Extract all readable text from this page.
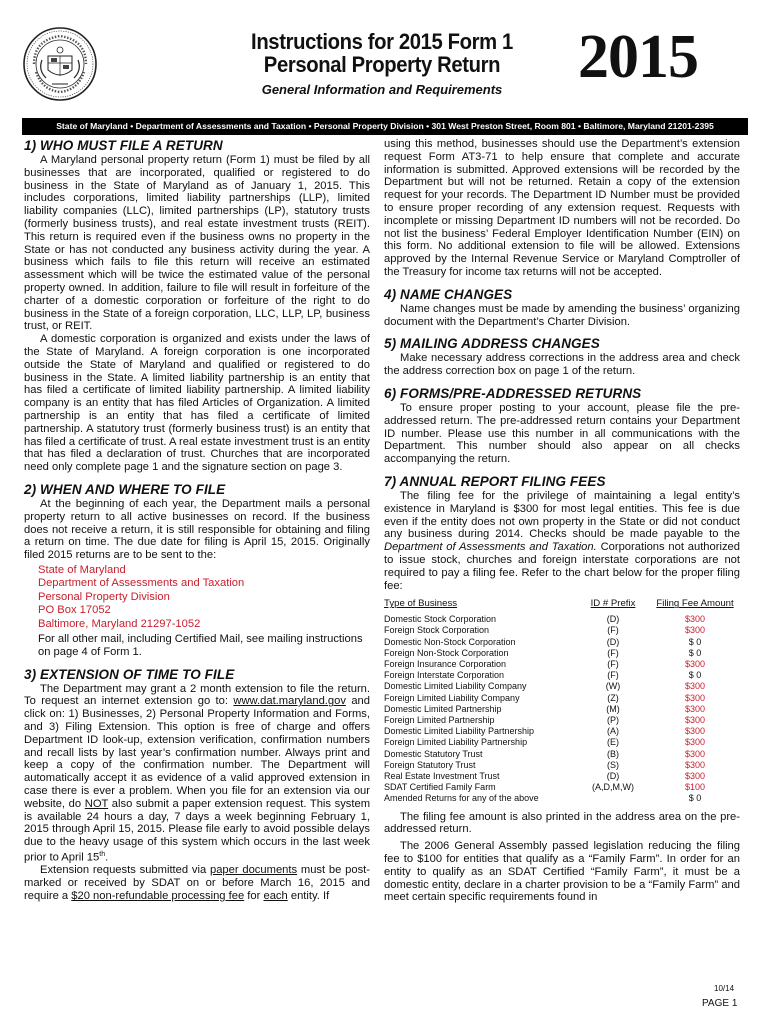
Instructions for 2015 Form 1
Personal Property Return
General Information and Requirements	2015
State of Maryland • Department of Assessments and Taxation • Personal Property Division • 301 West Preston Street, Room 801 • Baltimore, Maryland 21201-2395
1) WHO MUST FILE A RETURN

A Maryland personal property return (Form 1) must be filed by all businesses that are incorporated, qualified or registered to do business in the State of Maryland as of January 1, 2015. This includes corporations, limited liability partnerships (LLP), limited liability companies (LLC), limited partnerships (LP), statutory trusts (formerly business trusts), and real estate investment trusts (REIT). This return is required even if the business owns no property in the State or has not conducted any business activity during the year. A business which fails to file this return will receive an estimated assessment which will be twice the estimated value of the personal property owned. In addition, failure to file will result in forfeiture of the charter of a domestic corporation or forfeiture of the right to do business in the State of a foreign corporation, LLC, LLP, LP, business trust, or REIT.

A domestic corporation is organized and exists under the laws of the State of Maryland. A foreign corporation is one incorporated outside the State of Maryland and qualified or registered to do business in the State. A limited liability partnership is an entity that has filed a certificate of limited liability partnership. A limited liability company is an entity that has filed Articles of Organization. A limited partnership is an entity that has filed a certificate of limited partnership. A statutory trust (formerly business trust) is an entity that has filed a certificate of trust. A real estate investment trust is an entity that has filed a declaration of trust. Churches that are incorporated need only complete page 1 and the signature section on page 3.

2) WHEN AND WHERE TO FILE

At the beginning of each year, the Department mails a personal property return to all active businesses on record. If the business does not receive a return, it is still responsible for obtaining and filing a return on time. The due date for filing is April 15, 2015. Originally filed 2015 returns are to be sent to the:

State of Maryland
Department of Assessments and Taxation
Personal Property Division
PO Box 17052
Baltimore, Maryland 21297-1052

For all other mail, including Certified Mail, see mailing instructions on page 4 of Form 1.

3) EXTENSION OF TIME TO FILE

The Department may grant a 2 month extension to file the return. To request an internet extension go to: www.dat.maryland.gov and click on: 1) Businesses, 2) Personal Property Information and Forms, and 3) Filing Extension. This option is free of charge and offers Department ID look-up, extension verification, confirmation numbers and recall lists by last year’s confirmation number. Always print and keep a copy of the confirmation number. The Department will automatically accept it as evidence of a valid approved extension in case there is ever a problem. When you file for an extension via our website, do NOT also submit a paper extension request. This system is available 24 hours a day, 7 days a week beginning February 1, 2015 through April 15, 2015. Please file early to avoid possible delays due to the heavy usage of this system which occurs in the last week prior to April 15th.

Extension requests submitted via paper documents must be post-marked or received by SDAT on or before March 16, 2015 and require a $20 non-refundable processing fee for each entity. If

using this method, businesses should use the Department’s extension request Form AT3-71 to help ensure that complete and accurate information is submitted. Approved extensions will be recorded by the Department but will not be returned. Retain a copy of the extension request for your records. The Department ID Number must be provided to ensure proper recording of any extension request. Requests with incomplete or missing Department ID numbers will not be recorded. Do not list the business’ Federal Employer Identification Number (EIN) on this form. No additional extension to file will be allowed. Extensions approved by the Internal Revenue Service or Maryland Comptroller of the Treasury for income tax returns will not be accepted.

4) NAME CHANGES

Name changes must be made by amending the business’ organizing document with the Department’s Charter Division.

5) MAILING ADDRESS CHANGES

Make necessary address corrections in the address area and check the address correction box on page 1 of the return.

6) FORMS/PRE-ADDRESSED RETURNS

To ensure proper posting to your account, please file the pre-addressed return. The pre-addressed return contains your Department ID number. Please use this number in all communications with the Department. This number should also appear on all checks accompanying the return.

7) ANNUAL REPORT FILING FEES

The filing fee for the privilege of maintaining a legal entity’s existence in Maryland is $300 for most legal entities. This fee is due even if the entity does not own property in the State or did not conduct any business during 2014. Checks should be made payable to the Department of Assessments and Taxation. Corporations not authorized to issue stock, churches and foreign interstate corporations are not required to pay a filing fee. Refer to the chart below for the proper filing fee:

Type of Business	ID # Prefix	Filing Fee Amount
Domestic Stock Corporation	(D)	$300
Foreign Stock Corporation	(F)	$300
Domestic Non-Stock Corporation	(D)	$ 0
Foreign Non-Stock Corporation	(F)	$ 0
Foreign Insurance Corporation	(F)	$300
Foreign Interstate Corporation	(F)	$ 0
Domestic Limited Liability Company	(W)	$300
Foreign Limited Liability Company	(Z)	$300
Domestic Limited Partnership	(M)	$300
Foreign Limited Partnership	(P)	$300
Domestic Limited Liability Partnership	(A)	$300
Foreign Limited Liability Partnership	(E)	$300
Domestic Statutory Trust	(B)	$300
Foreign Statutory Trust	(S)	$300
Real Estate Investment Trust	(D)	$300
SDAT Certified Family Farm	(A,D,M,W)	$100
Amended Returns for any of the above		$ 0

The filing fee amount is also printed in the address area on the pre-addressed return.

The 2006 General Assembly passed legislation reducing the filing fee to $100 for entities that qualify as a “Family Farm”. In order for an entity to qualify as an SDAT Certified “Family Farm”, it must be a domestic entity, declare in a charter provision to be a “Family Farm” and meet certain specific requirements found in

10/14
PAGE 1
